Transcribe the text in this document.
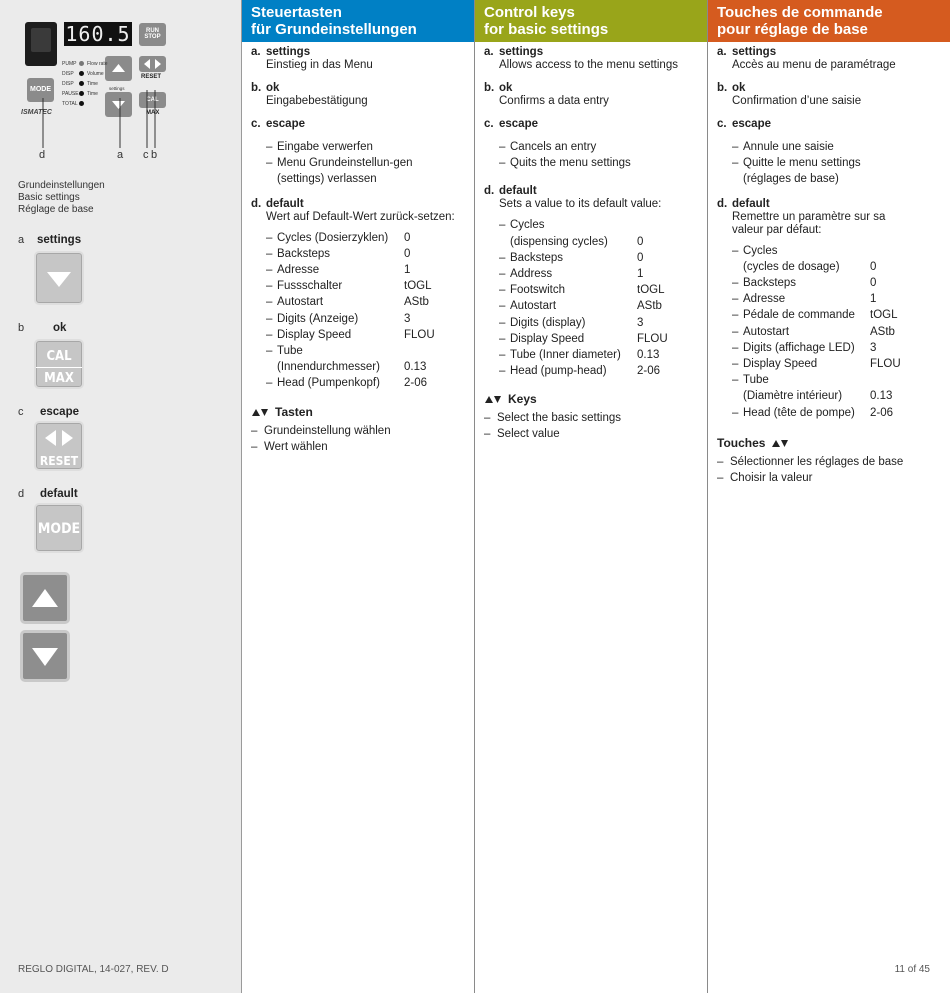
160.5	RUN
STOP
MODE
RESET
CAL
MAX
settings
ISMATEC
PUMP Flow rate
DISP	Volume
DISP	Time
PAUSE Time
TOTAL
d	a c b
Grundeinstellungen
Basic settings
Réglage de base
a settings
b	ok
CAL
MAX
c escape
RESET
d default
MODE
REGLO DIGITAL, 14-027, REV. D
Steuertasten
für Grundeinstellungen
a. settings
Einstieg in das Menu
b. ok
Eingabebestätigung
c. escape
– Eingabe verwerfen
– Menu Grundeinstellun-gen
(settings) verlassen
d. default
Wert auf Default-Wert zurück-setzen:
– Cycles (Dosierzyklen)	0
– Backsteps	0
– Adresse	1
– Fussschalter	tOGL
– Autostart	AStb
– Digits (Anzeige)	3
– Display Speed	FLOU
– Tube
(Innendurchmesser)	0.13
– Head (Pumpenkopf)	2-06
Tasten
– Grundeinstellung wählen
– Wert wählen
Control keys
for basic settings
a. settings
Allows access to the menu settings
b. ok
Confirms a data entry
c. escape
– Cancels an entry
– Quits the menu settings
d. default
Sets a value to its default value:
– Cycles
(dispensing cycles)	0
– Backsteps	0
– Address	1
– Footswitch	tOGL
– Autostart	AStb
– Digits (display)	3
– Display Speed	FLOU
– Tube (Inner diameter)	0.13
– Head (pump-head)	2-06
Keys
– Select the basic settings
– Select value
Touches de commande
pour réglage de base
a. settings
Accès au menu de paramétrage
b. ok
Confirmation d’une saisie
c. escape
– Annule une saisie
– Quitte le menu settings
(réglages de base)
d. default
Remettre un paramètre sur sa valeur par défaut:
– Cycles
(cycles de dosage)	0
– Backsteps	0
– Adresse	1
– Pédale de commande	tOGL
– Autostart	AStb
– Digits (affichage LED)	3
– Display Speed	FLOU
– Tube
(Diamètre intérieur)	0.13
– Head (tête de pompe)	2-06
Touches
– Sélectionner les réglages de base
– Choisir la valeur
11 of 45
